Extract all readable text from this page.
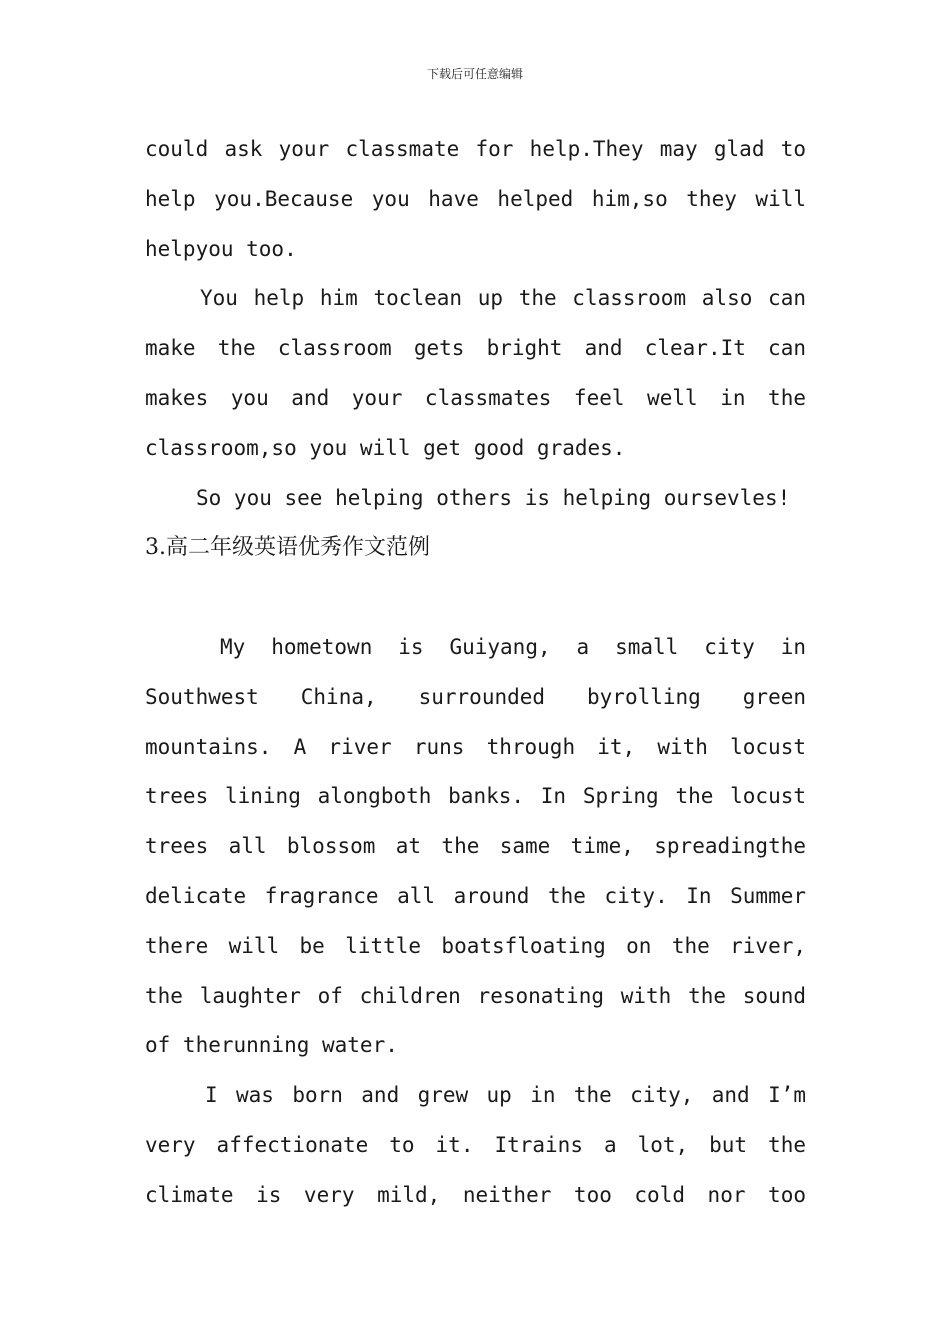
下载后可任意编辑
could ask your classmate for help.They may glad to
help you.Because you have helped him,so they will
helpyou too.
You help him toclean up the classroom also can
make the classroom gets bright and clear.It can
makes you and your classmates feel well in the
classroom,so you will get good grades.
So you see helping others is helping oursevles!
3.高二年级英语优秀作文范例
My hometown is Guiyang, a small city in
Southwest China, surrounded byrolling green
mountains. A river runs through it, with locust
trees lining alongboth banks. In Spring the locust
trees all blossom at the same time, spreadingthe
delicate fragrance all around the city. In Summer
there will be little boatsfloating on the river,
the laughter of children resonating with the sound
of therunning water.
I was born and grew up in the city, and I’m
very affectionate to it. Itrains a lot, but the
climate is very mild, neither too cold nor too
